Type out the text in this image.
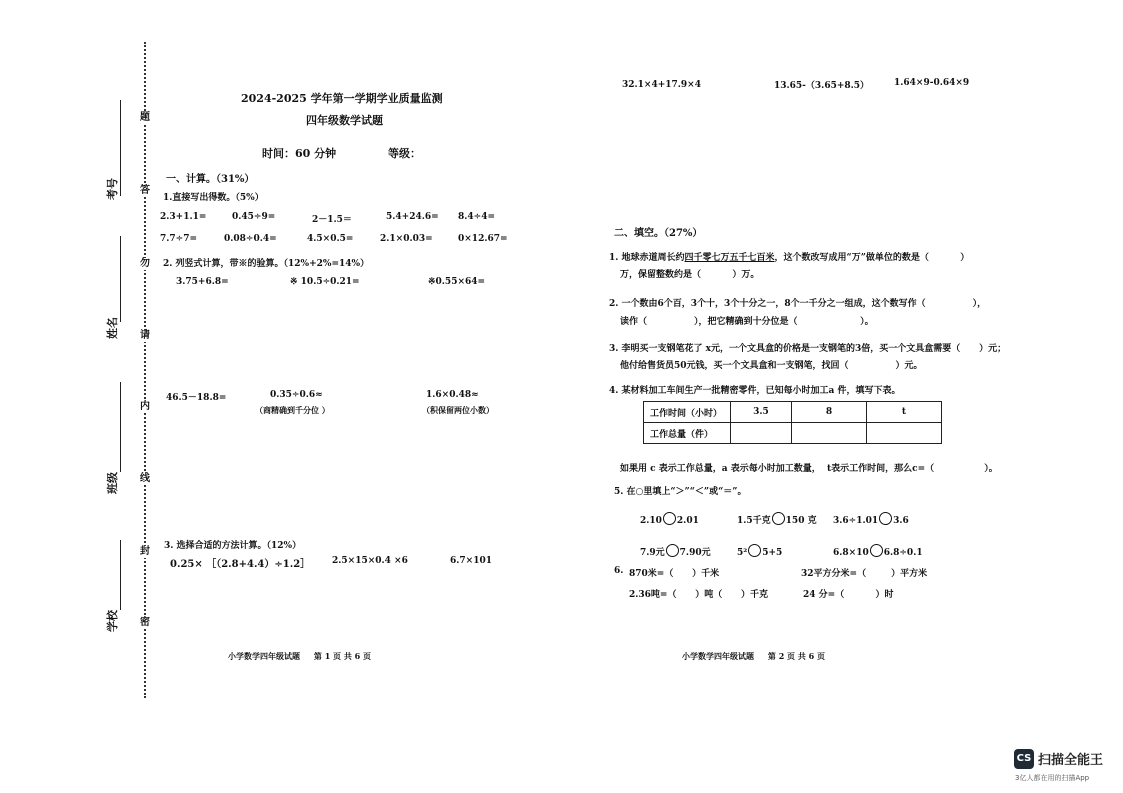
考号
姓名
班级
学校
题
答
勿
请
内
线
封
密
2024-2025 学年第一学期学业质量监测
四年级数学试题
时间：60 分钟	等级：
一、计算。（31%）
1.直接写出得数。（5%）
2.3+1.1=	0.45÷9=	2－1.5＝	5.4+24.6= 8.4÷4=
7.7÷7=	0.08÷0.4=	4.5×0.5=	2.1×0.03=	0×12.67=
2. 列竖式计算，带※的验算。（12%+2%=14%）
3.75+6.8=	※ 10.5÷0.21=	※0.55×64=
46.5－18.8=	0.35÷0.6≈	1.6×0.48≈
（商精确到千分位 ）	（积保留两位小数）
3. 选择合适的方法计算。（12%）
0.25× ［（2.8+4.4）÷1.2］ 2.5×15×0.4 ×6	6.7×101
小学数学四年级试题     第 1 页 共 6 页
32.1×4+17.9×4	13.65-（3.65+8.5）	1.64×9-0.64×9
二、填空。（27%）
1. 地球赤道周长约四千零七万五千七百米，这个数改写成用“万”做单位的数是（          ）
万，保留整数约是（          ）万。
2. 一个数由6个百，3个十，3个十分之一，8个一千分之一组成，这个数写作（               ），
读作（               ），把它精确到十分位是（                    ）。
3. 李明买一支钢笔花了 x元，一个文具盒的价格是一支钢笔的3倍，买一个文具盒需要（      ）元；
他付给售货员50元钱，买一个文具盒和一支钢笔，找回（               ）元。
4. 某材料加工车间生产一批精密零件，已知每小时加工a 件，填写下表。
工作时间（小时）	3.5	8	t
工作总量（件）			
如果用 c 表示工作总量，a 表示每小时加工数量，  t表示工作时间，那么c=（                ）。
5. 在○里填上“＞”“＜”或“＝”。
2.10 2.01	1.5千克 150 克 3.6÷1.01 3.6
7.9元 7.90元	5² 5+5	6.8×10 6.8÷0.1
6. 870米=（      ）千米	32平方分米=（        ）平方米
2.36吨=（      ）吨（      ）千克	24 分=（          ）时
小学数学四年级试题     第 2 页 共 6 页
CS 扫描全能王
3亿人都在用的扫描App
